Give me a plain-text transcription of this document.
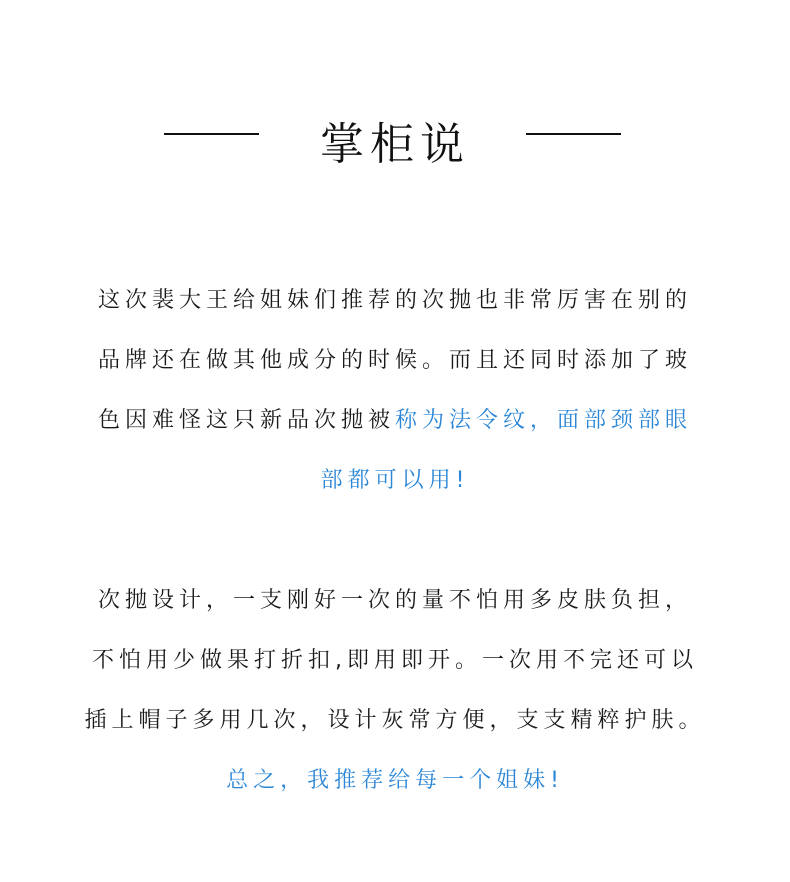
掌柜说
这次裴大王给姐妹们推荐的次抛也非常厉害在别的
品牌还在做其他成分的时候。而且还同时添加了玻
色因难怪这只新品次抛被称为法令纹，面部颈部眼
部都可以用!
次抛设计，一支刚好一次的量不怕用多皮肤负担，
不怕用少做果打折扣,即用即开。一次用不完还可以
插上帽子多用几次，设计灰常方便，支支精粹护肤。
总之，我推荐给每一个姐妹!
